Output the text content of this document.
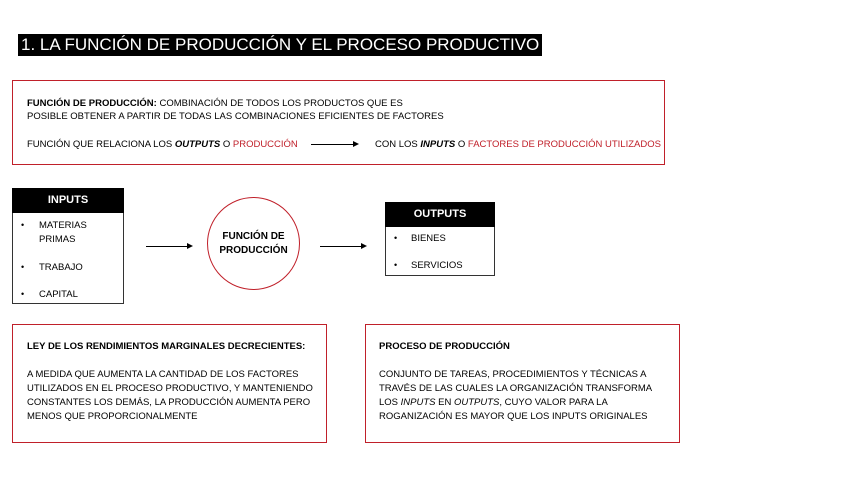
1. LA FUNCIÓN DE PRODUCCIÓN Y EL PROCESO PRODUCTIVO
FUNCIÓN DE PRODUCCIÓN: COMBINACIÓN DE TODOS LOS PRODUCTOS QUE ES
POSIBLE OBTENER A PARTIR DE TODAS LAS COMBINACIONES EFICIENTES DE FACTORES
FUNCIÓN QUE RELACIONA LOS OUTPUTS O PRODUCCIÓN	CON LOS INPUTS O FACTORES DE PRODUCCIÓN UTILIZADOS
INPUTS
• MATERIAS
PRIMAS
• TRABAJO
• CAPITAL
FUNCIÓN DE
PRODUCCIÓN
OUTPUTS
• BIENES
• SERVICIOS
LEY DE LOS RENDIMIENTOS MARGINALES DECRECIENTES:
A MEDIDA QUE AUMENTA LA CANTIDAD DE LOS FACTORES
UTILIZADOS EN EL PROCESO PRODUCTIVO, Y MANTENIENDO
CONSTANTES LOS DEMÁS, LA PRODUCCIÓN AUMENTA PERO
MENOS QUE PROPORCIONALMENTE
PROCESO DE PRODUCCIÓN
CONJUNTO DE TAREAS, PROCEDIMIENTOS Y TÉCNICAS A
TRAVÉS DE LAS CUALES LA ORGANIZACIÓN TRANSFORMA
LOS INPUTS EN OUTPUTS, CUYO VALOR PARA LA
ROGANIZACIÓN ES MAYOR QUE LOS INPUTS ORIGINALES
